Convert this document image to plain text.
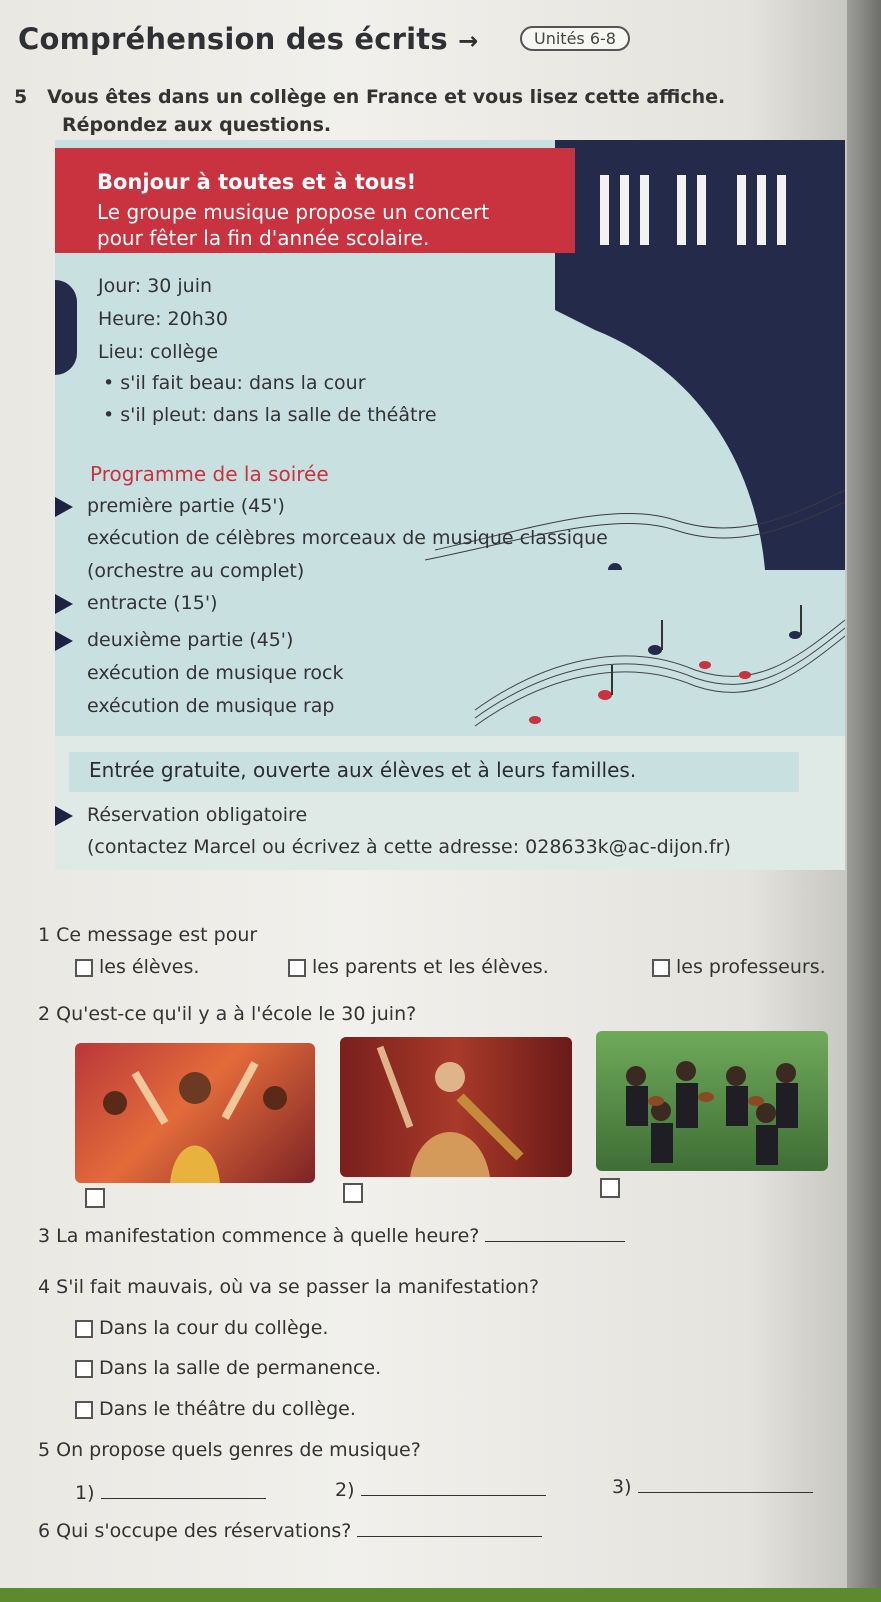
Compréhension des écrits →	Unités 6-8
5 Vous êtes dans un collège en France et vous lisez cette affiche.
Répondez aux questions.
Bonjour à toutes et à tous!
Le groupe musique propose un concert
pour fêter la fin d'année scolaire.
Jour: 30 juin
Heure: 20h30
Lieu: collège
• s'il fait beau: dans la cour
• s'il pleut: dans la salle de théâtre
Programme de la soirée
première partie (45')
exécution de célèbres morceaux de musique classique
(orchestre au complet)
entracte (15')
deuxième partie (45')
exécution de musique rock
exécution de musique rap
Entrée gratuite, ouverte aux élèves et à leurs familles.
Réservation obligatoire
(contactez Marcel ou écrivez à cette adresse: 028633k@ac-dijon.fr)
1 Ce message est pour
les élèves.	les parents et les élèves.	les professeurs.
2 Qu'est-ce qu'il y a à l'école le 30 juin?
3 La manifestation commence à quelle heure?
4 S'il fait mauvais, où va se passer la manifestation?
Dans la cour du collège.
Dans la salle de permanence.
Dans le théâtre du collège.
5 On propose quels genres de musique?
1)	2)	3)
6 Qui s'occupe des réservations?
